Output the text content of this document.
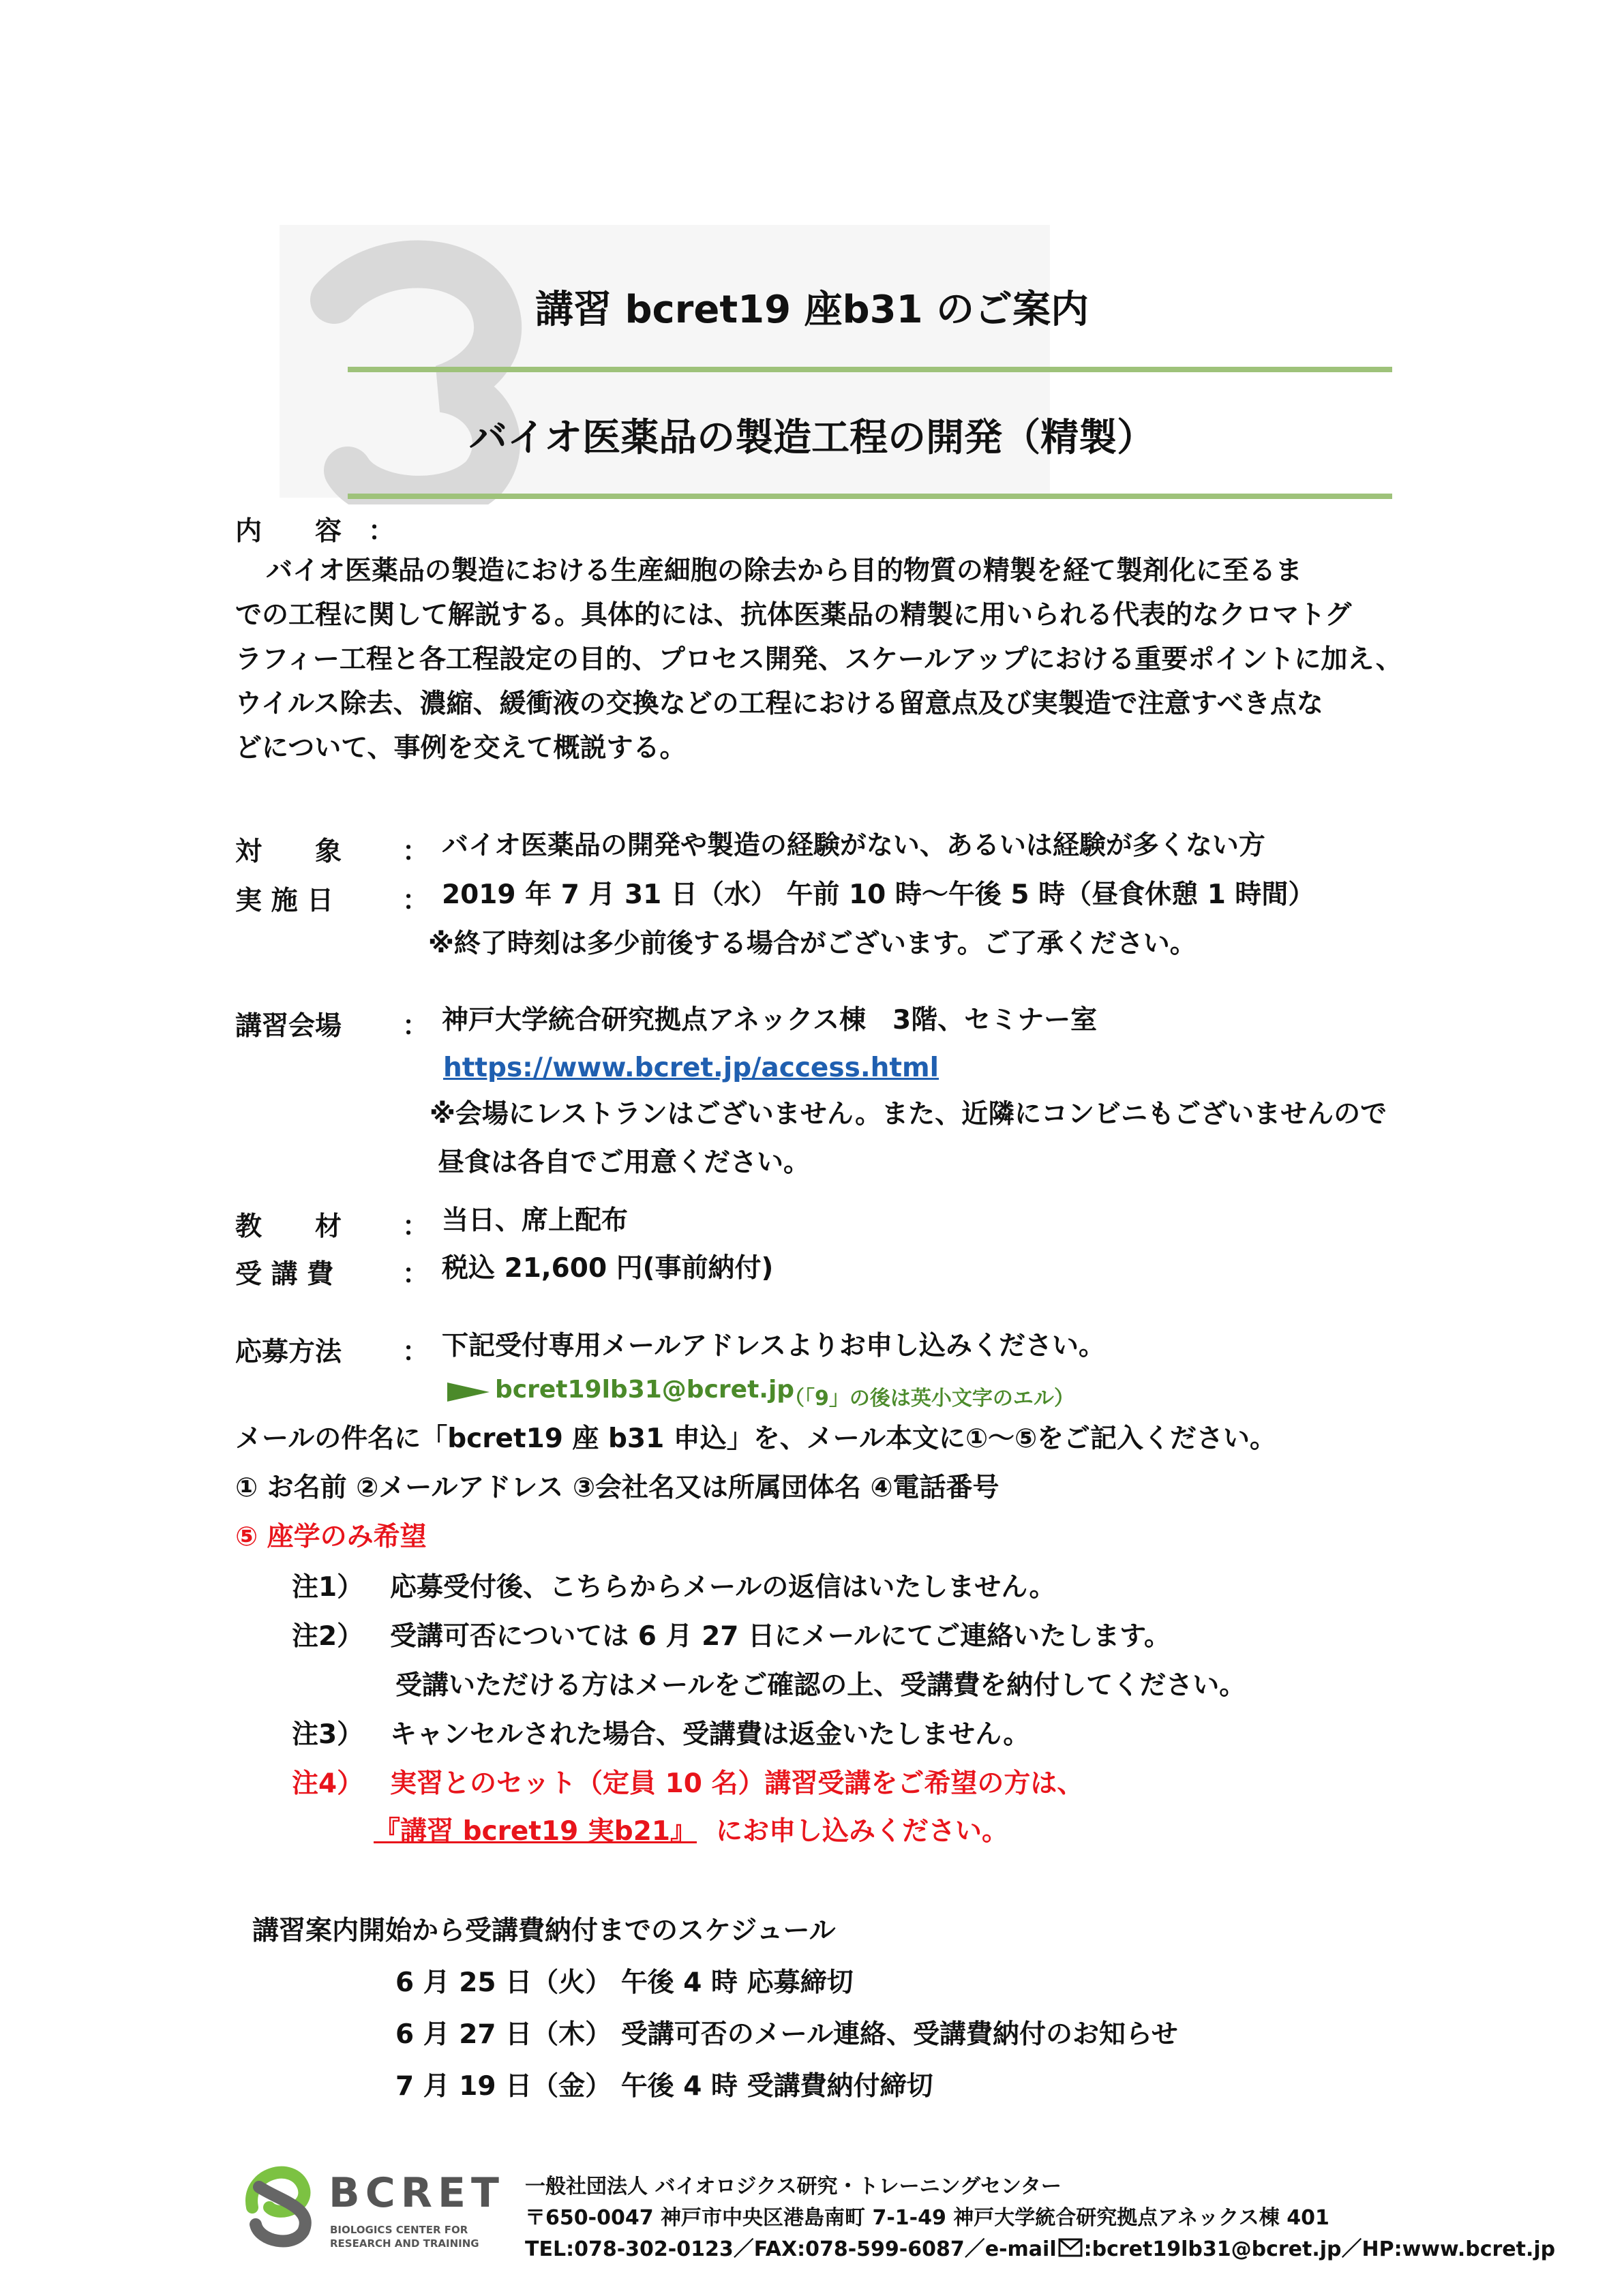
講習 bcret19 座b31 のご案内
バイオ医薬品の製造工程の開発（精製）
内　　容　：
バイオ医薬品の製造における生産細胞の除去から目的物質の精製を経て製剤化に至るま
での工程に関して解説する。具体的には、抗体医薬品の精製に用いられる代表的なクロマトグ
ラフィー工程と各工程設定の目的、プロセス開発、スケールアップにおける重要ポイントに加え、
ウイルス除去、濃縮、緩衝液の交換などの工程における留意点及び実製造で注意すべき点な
どについて、事例を交えて概説する。
対　　象 ： バイオ医薬品の開発や製造の経験がない、あるいは経験が多くない方
実 施 日	： 2019 年 7 月 31 日（水） 午前 10 時～午後 5 時（昼食休憩 1 時間）
※終了時刻は多少前後する場合がございます。ご了承ください。
講習会場 ： 神戸大学統合研究拠点アネックス棟　3階、セミナー室
https://www.bcret.jp/access.html
※会場にレストランはございません。また、近隣にコンビニもございませんので
昼食は各自でご用意ください。
教　　材 ： 当日、席上配布
受 講 費	： 税込 21,600 円(事前納付)
応募方法 ： 下記受付専用メールアドレスよりお申し込みください。
bcret19lb31@bcret.jp
（「9」の後は英小文字のエル）
メールの件名に「bcret19 座 b31 申込」を、メール本文に①～⑤をご記入ください。
① お名前 ②メールアドレス ③会社名又は所属団体名 ④電話番号
⑤ 座学のみ希望
注1） 応募受付後、こちらからメールの返信はいたしません。
注2） 受講可否については 6 月 27 日にメールにてご連絡いたします。
受講いただける方はメールをご確認の上、受講費を納付してください。
注3） キャンセルされた場合、受講費は返金いたしません。
注4） 実習とのセット（定員 10 名）講習受講をご希望の方は、
『講習 bcret19 実b21』 にお申し込みください。
講習案内開始から受講費納付までのスケジュール
6 月 25 日（火） 午後 4 時 応募締切
6 月 27 日（木） 受講可否のメール連絡、受講費納付のお知らせ
7 月 19 日（金） 午後 4 時 受講費納付締切
BCRET
BIOLOGICS CENTER FOR
RESEARCH AND TRAINING
一般社団法人 バイオロジクス研究・トレーニングセンター
〒650-0047 神戸市中央区港島南町 7-1-49 神戸大学統合研究拠点アネックス棟 401
TEL:078-302-0123／FAX:078-599-6087／e-mail :bcret19lb31@bcret.jp／HP:www.bcret.jp
